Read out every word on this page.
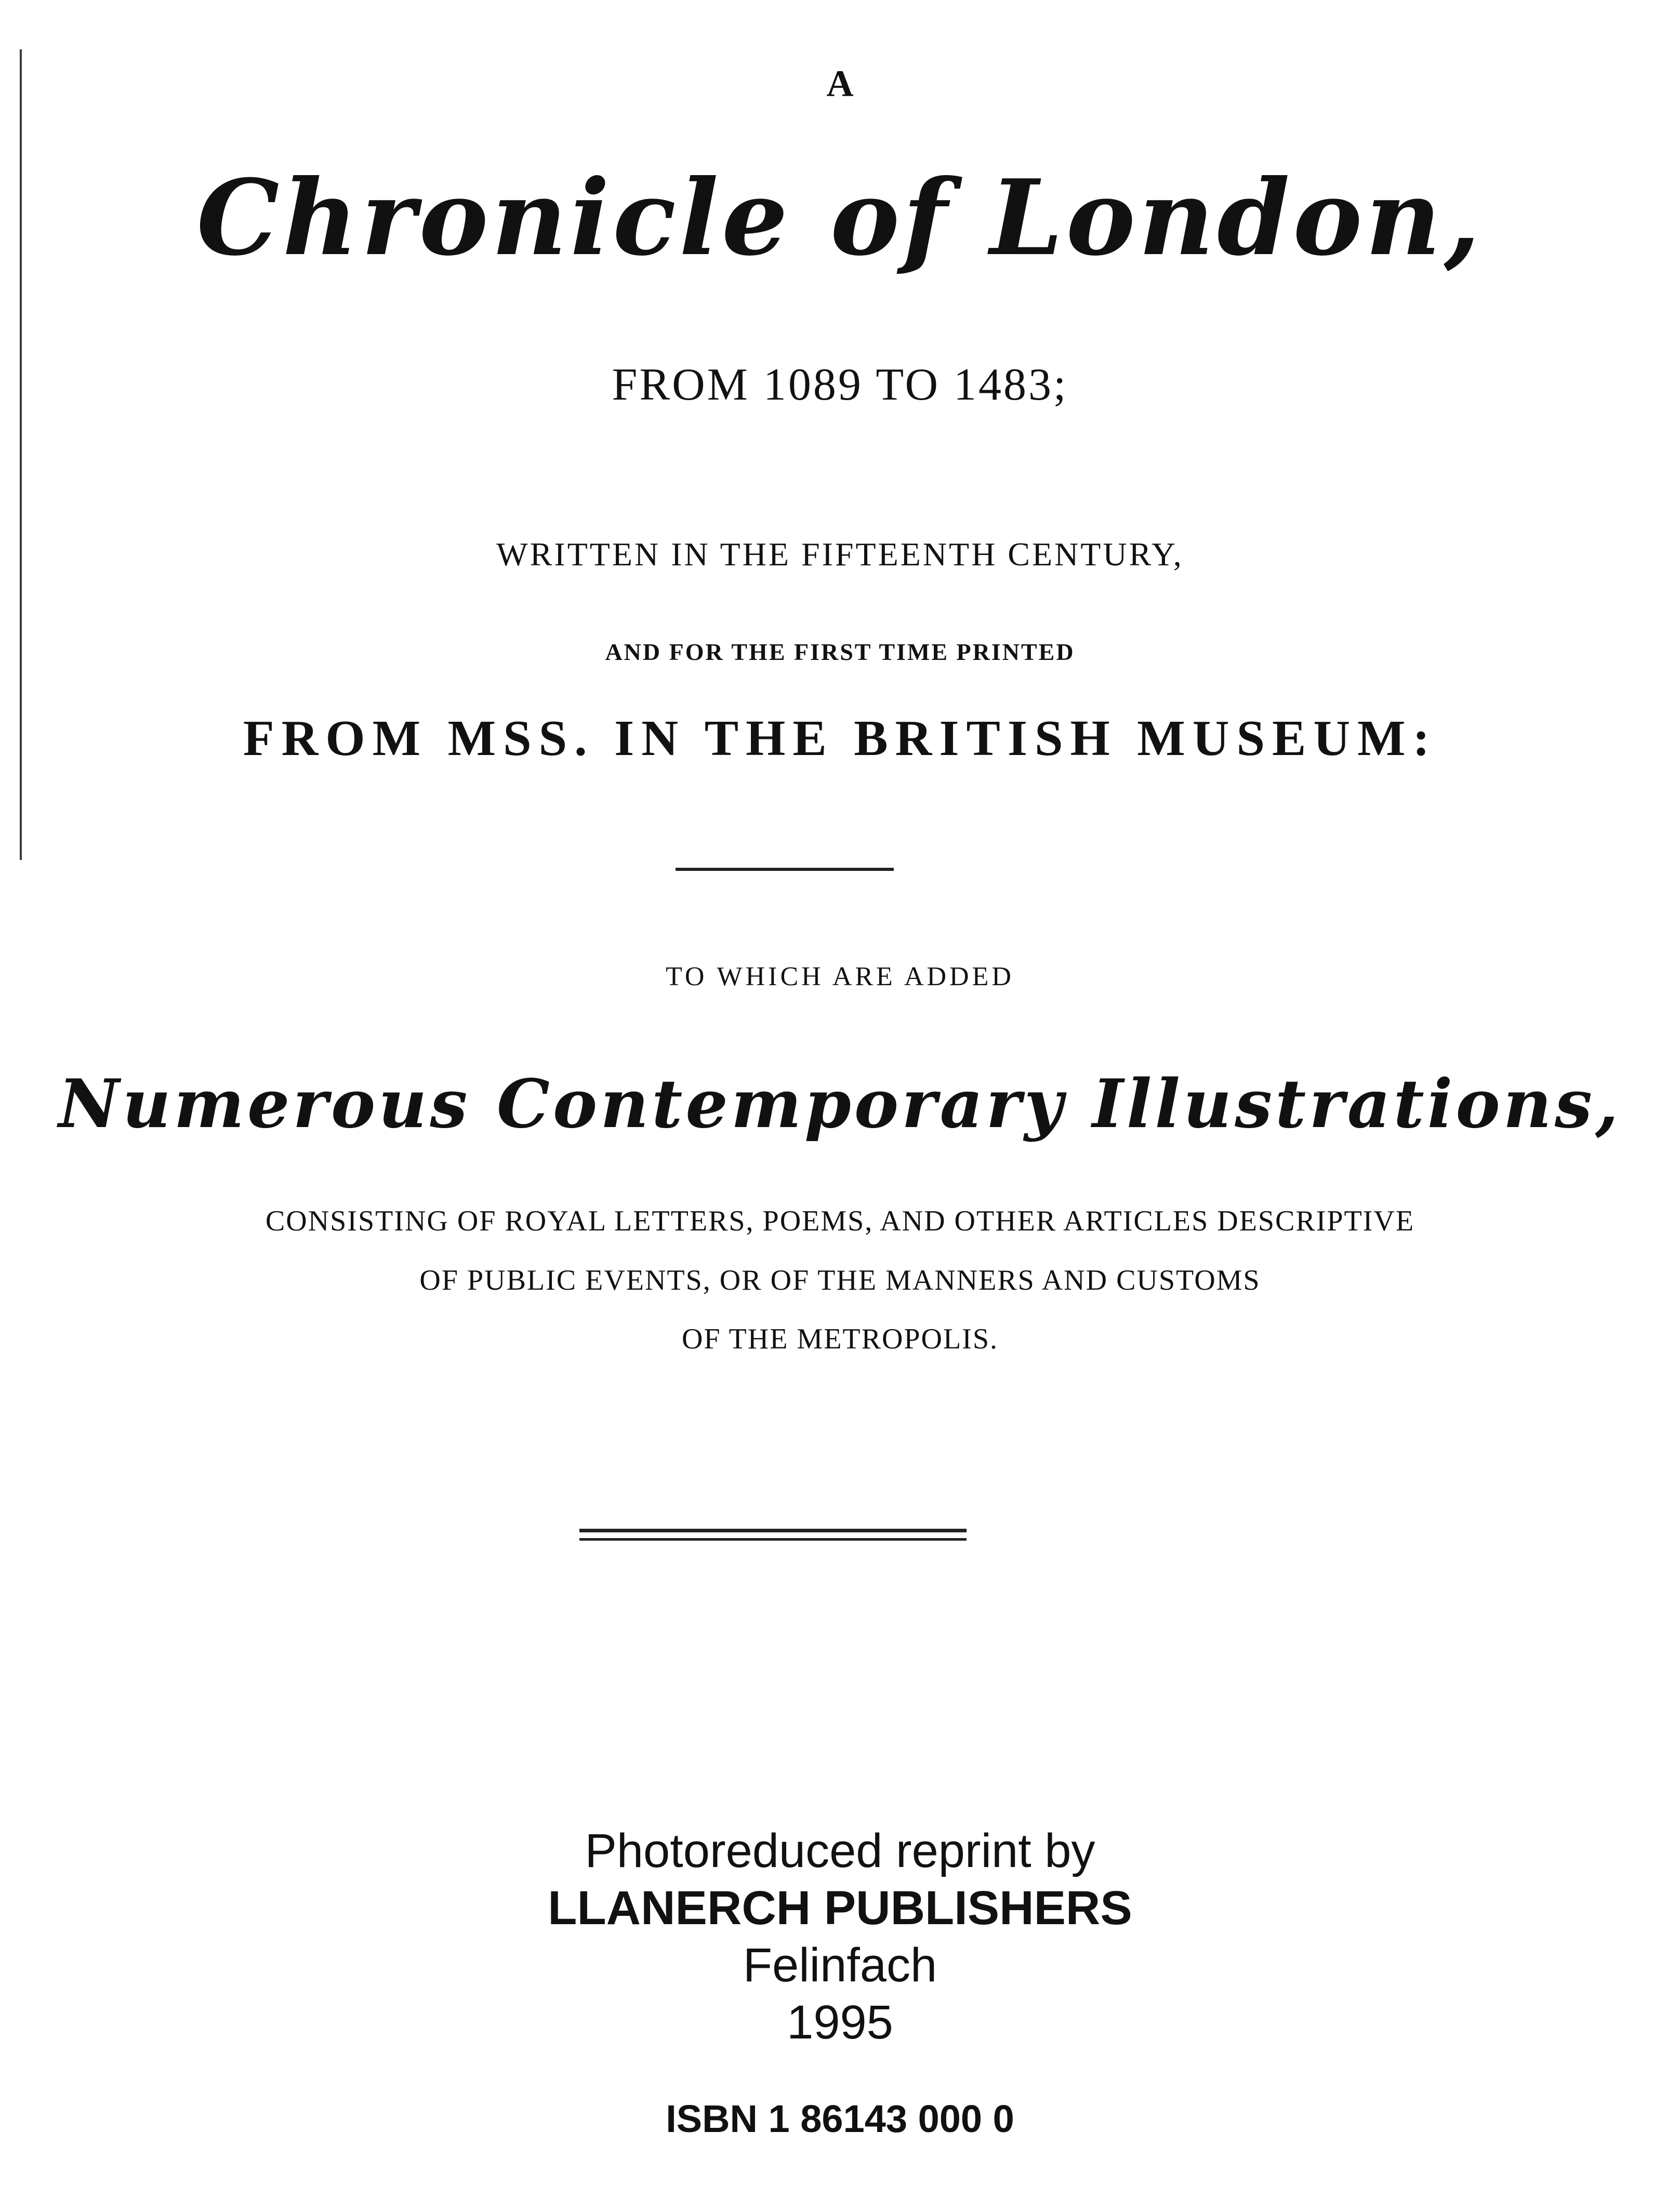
A
Chronicle of London,
FROM 1089 TO 1483;
WRITTEN IN THE FIFTEENTH CENTURY,
AND FOR THE FIRST TIME PRINTED
FROM MSS. IN THE BRITISH MUSEUM:
TO WHICH ARE ADDED
Numerous Contemporary Illustrations,
CONSISTING OF ROYAL LETTERS, POEMS, AND OTHER ARTICLES DESCRIPTIVE
OF PUBLIC EVENTS, OR OF THE MANNERS AND CUSTOMS
OF THE METROPOLIS.
Photoreduced reprint by
LLANERCH PUBLISHERS
Felinfach
1995
ISBN 1 86143 000 0
